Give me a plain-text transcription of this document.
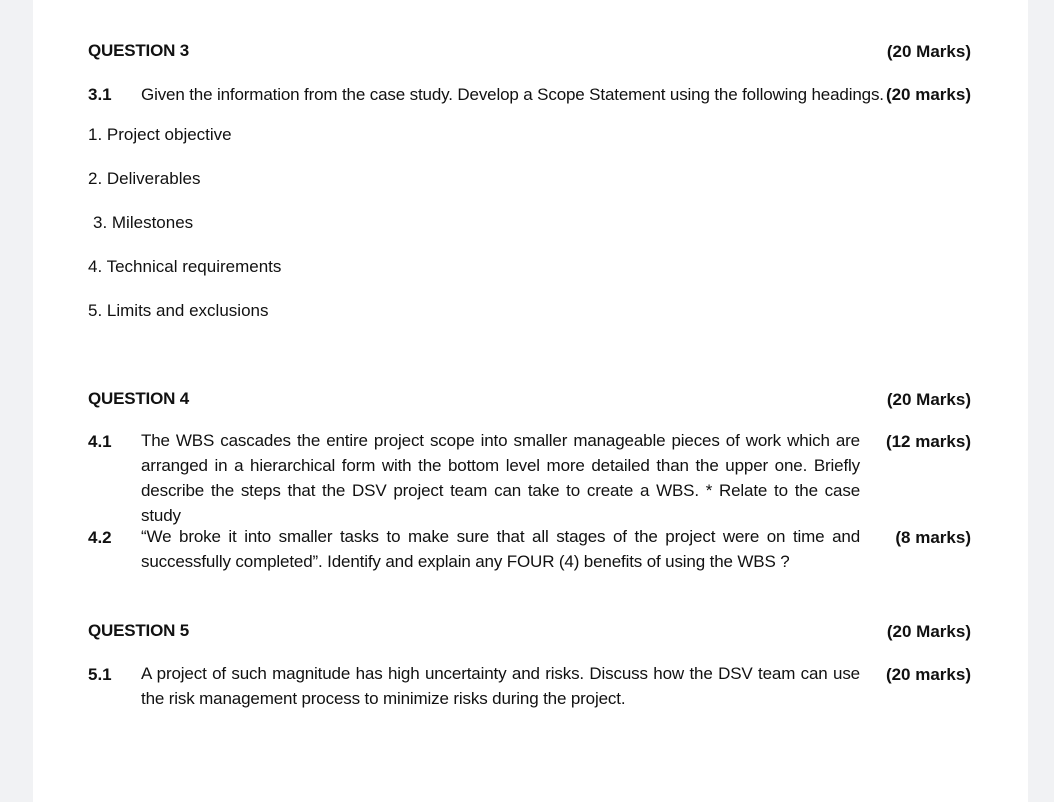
QUESTION 3	(20 Marks)
3.1 Given the information from the case study. Develop a Scope Statement using the following headings. (20 marks)
1. Project objective
2. Deliverables
3. Milestones
4. Technical requirements
5. Limits and exclusions
QUESTION 4	(20 Marks)
4.1 The WBS cascades the entire project scope into smaller manageable pieces of work which are arranged in a hierarchical form with the bottom level more detailed than the upper one. Briefly describe the steps that the DSV project team can take to create a WBS. * Relate to the case study
(12 marks)
4.2 “We broke it into smaller tasks to make sure that all stages of the project were on time and successfully completed”. Identify and explain any FOUR (4) benefits of using the WBS ?
(8 marks)
QUESTION 5	(20 Marks)
5.1 A project of such magnitude has high uncertainty and risks. Discuss how the DSV team can use the risk management process to minimize risks during the project.
(20 marks)
